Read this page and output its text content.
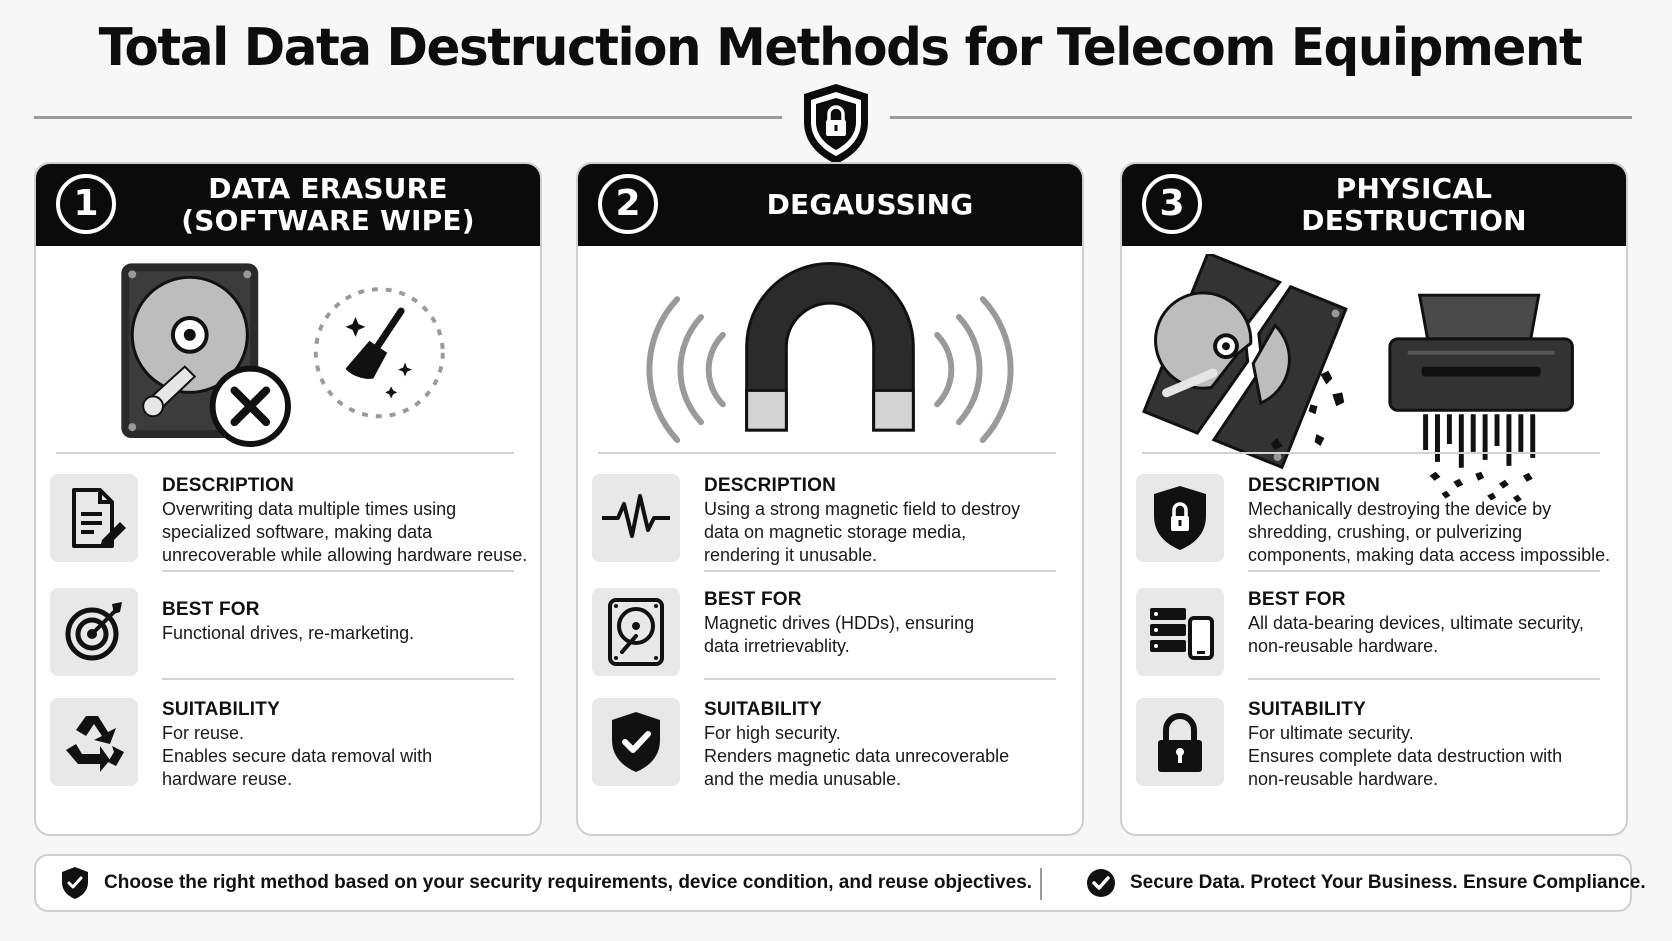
Total Data Destruction Methods for Telecom Equipment
1	DATA ERASURE
(SOFTWARE WIPE)
DESCRIPTION
Overwriting data multiple times using
specialized software, making data
unrecoverable while allowing hardware reuse.
BEST FOR
Functional drives, re-marketing.
SUITABILITY
For reuse.
Enables secure data removal with
hardware reuse.
2	DEGAUSSING
DESCRIPTION
Using a strong magnetic field to destroy
data on magnetic storage media,
rendering it unusable.
BEST FOR
Magnetic drives (HDDs), ensuring
data irretrievablity.
SUITABILITY
For high security.
Renders magnetic data unrecoverable
and the media unusable.
3	PHYSICAL
DESTRUCTION
DESCRIPTION
Mechanically destroying the device by
shredding, crushing, or pulverizing
components, making data access impossible.
BEST FOR
All data-bearing devices, ultimate security,
non-reusable hardware.
SUITABILITY
For ultimate security.
Ensures complete data destruction with
non-reusable hardware.
Choose the right method based on your security requirements, device condition, and reuse objectives.	Secure Data. Protect Your Business. Ensure Compliance.
